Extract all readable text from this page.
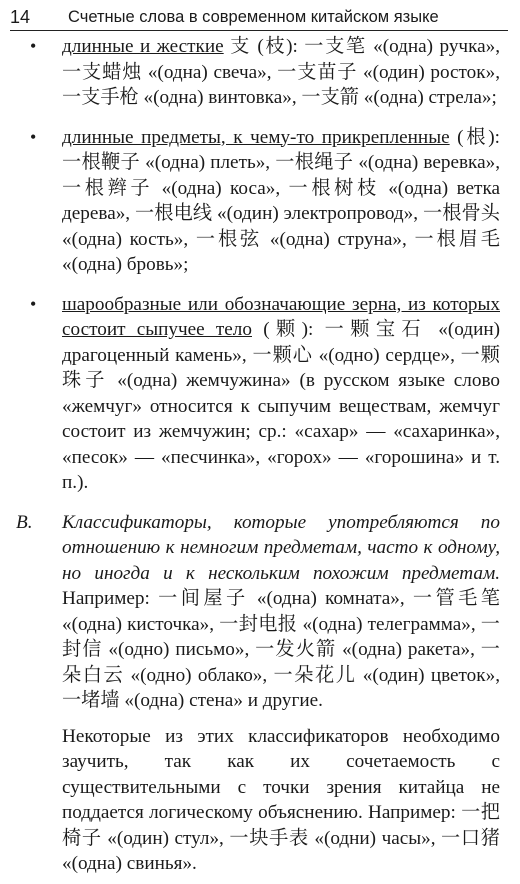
14	Счетные слова в современном китайском языке
• длинные и жесткие 支 (枝): 一支笔 «(одна) ручка», 一支蜡烛 «(одна) свеча», 一支苗子 «(один) росток», 一支手枪 «(одна) винтовка», 一支箭 «(одна) стрела»;
• длинные предметы, к чему-то прикрепленные (根): 一根鞭子 «(одна) плеть», 一根绳子 «(одна) веревка», 一根辫子 «(одна) коса», 一根树枝 «(одна) ветка дерева», 一根电线 «(один) электропровод», 一根骨头 «(одна) кость», 一根弦 «(одна) струна», 一根眉毛 «(одна) бровь»;
• шарообразные или обозначающие зерна, из которых состоит сыпучее тело (颗): 一颗宝石 «(один) драгоценный камень», 一颗心 «(одно) сердце», 一颗珠子 «(одна) жемчужина» (в русском языке слово «жемчуг» относится к сыпучим веществам, жемчуг состоит из жемчужин; ср.: «сахар» — «сахаринка», «песок» — «песчинка», «горох» — «горошина» и т. п.).
B. Классификаторы, которые употребляются по отношению к немногим предметам, часто к одному, но иногда и к нескольким похожим предметам. Например: 一间屋子 «(одна) комната», 一管毛笔 «(одна) кисточка», 一封电报 «(одна) телеграмма», 一封信 «(одно) письмо», 一发火箭 «(одна) ракета», 一朵白云 «(одно) облако», 一朵花儿 «(один) цветок», 一堵墙 «(одна) стена» и другие.
Некоторые из этих классификаторов необходимо заучить, так как их сочетаемость с существительными с точки зрения китайца не поддается логическому объяснению. Например: 一把椅子 «(один) стул», 一块手表 «(одни) часы», 一口猪 «(одна) свинья».
